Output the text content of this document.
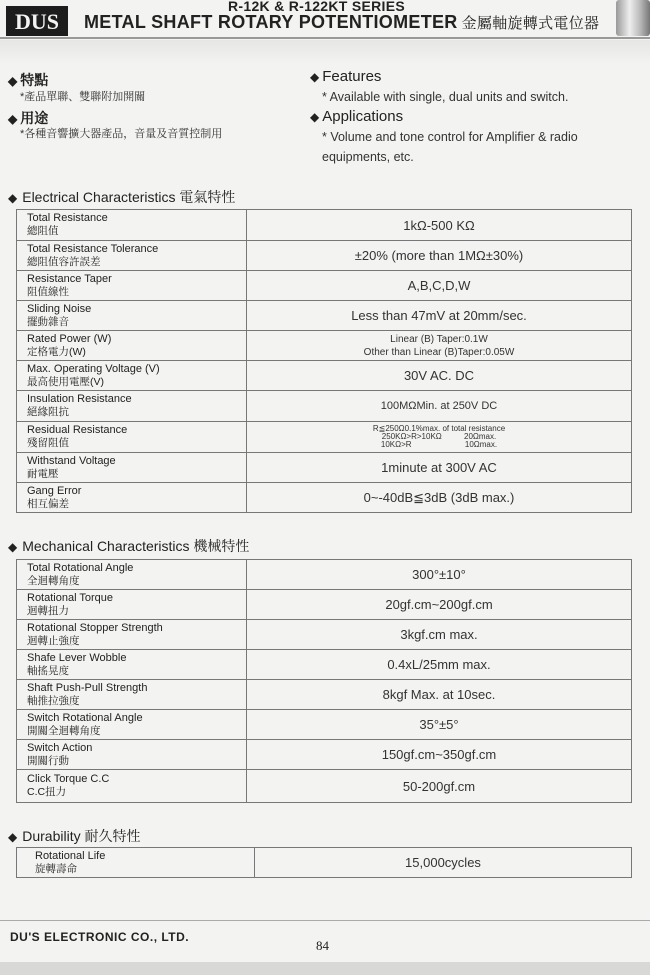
DUS
R-12K & R-122KT SERIES
METAL SHAFT ROTARY POTENTIOMETER 金屬軸旋轉式電位器
◆ 特點
*產品單聯、雙聯附加開關
◆ 用途
*各種音響擴大器產品，音量及音質控制用
◆ Features
* Available with single, dual units and switch.
◆ Applications
* Volume and tone control for Amplifier & radio
equipments, etc.
◆ Electrical Characteristics 電氣特性
Total Resistance
總阻值	1kΩ-500 KΩ
Total Resistance Tolerance
總阻值容許誤差	±20% (more than 1MΩ±30%)
Resistance Taper
阻值線性	A,B,C,D,W
Sliding Noise
擺動雜音	Less than 47mV at 20mm/sec.
Rated Power (W)
定格電力(W)	Linear (B) Taper:0.1W
Other than Linear (B)Taper:0.05W

Max. Operating Voltage (V)
最高使用電壓(V)	30V AC. DC
Insulation Resistance
絕緣阻抗	100MΩMin. at 250V DC
Residual Resistance
殘留阻值	R≦250Ω0.1%max. of total resistance
250KΩ>R>10KΩ          20Ωmax.
10KΩ>R                        10Ωmax.

Withstand Voltage
耐電壓	1minute at 300V AC
Gang Error
相互偏差	0~-40dB≦3dB (3dB max.)
◆ Mechanical Characteristics 機械特性
Total Rotational Angle
全迴轉角度	300°±10°
Rotational Torque
迴轉扭力	20gf.cm~200gf.cm
Rotational Stopper Strength
迴轉止強度	3kgf.cm max.
Shafe Lever Wobble
軸搖晃度	0.4xL/25mm max.
Shaft Push-Pull Strength
軸推拉強度	8kgf Max. at 10sec.
Switch Rotational Angle
開關全迴轉角度	35°±5°
Switch Action
開關行動	150gf.cm~350gf.cm
Click Torque C.C
C.C扭力	50-200gf.cm
◆ Durability 耐久特性
Rotational Life
旋轉壽命	15,000cycles
DU'S ELECTRONIC CO., LTD.
84
